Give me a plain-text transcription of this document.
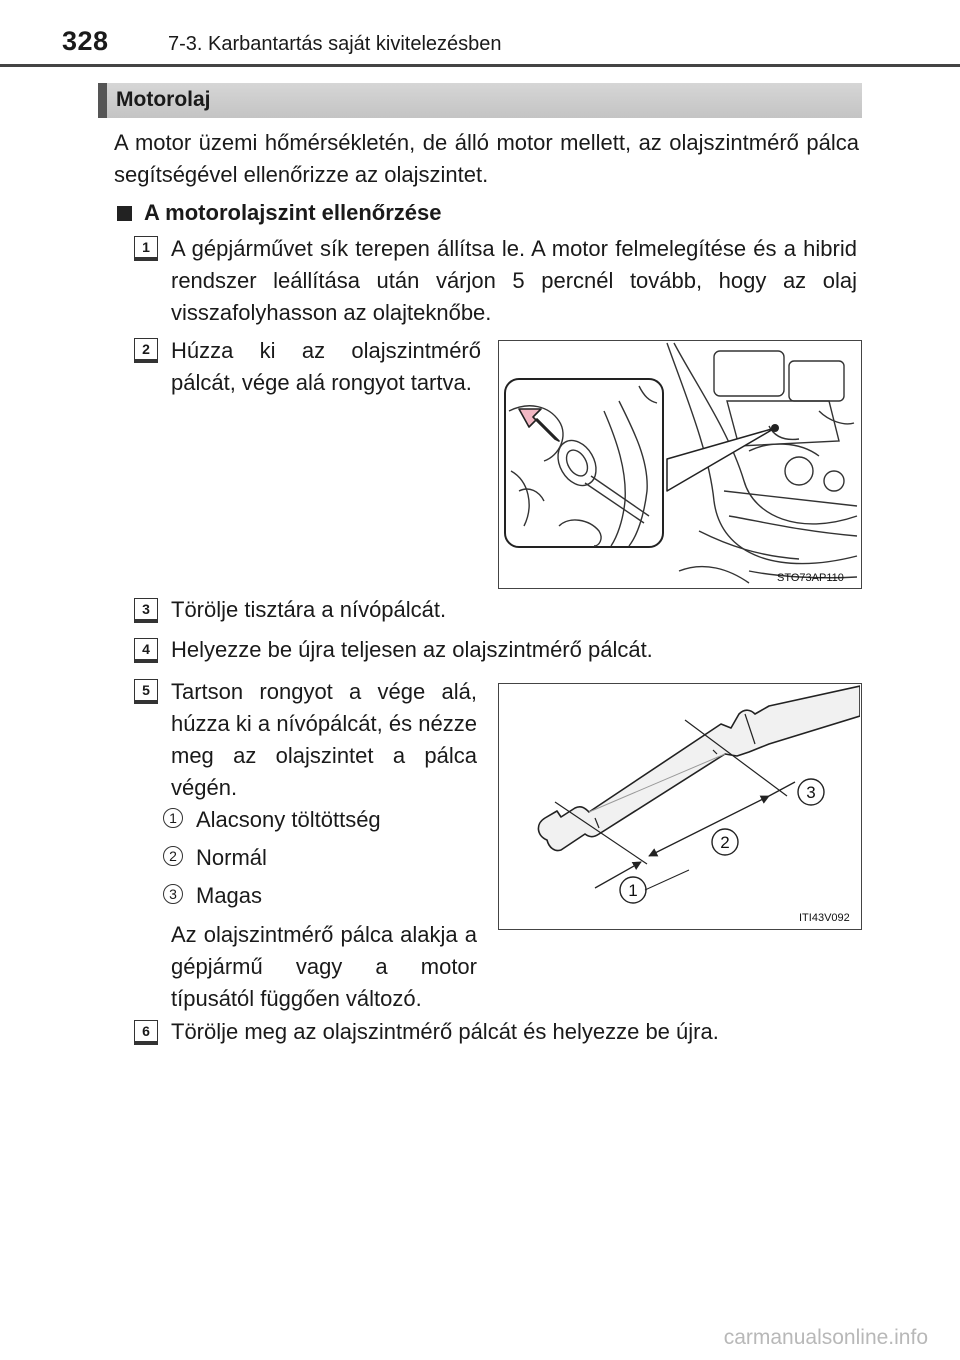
328	7-3. Karbantartás saját kivitelezésben
Motorolaj
A motor üzemi hőmérsékletén, de álló motor mellett, az olajszintmérő pálca segítségével ellenőrizze az olajszintet.
A motorolajszint ellenőrzése
1 A gépjárművet sík terepen állítsa le. A motor felmelegítése és a hibrid rendszer leállítása után várjon 5 percnél tovább, hogy az olaj visszafolyhasson az olajteknőbe.
2 Húzza ki az olajszintmérő pálcát, vége alá rongyot tartva.
STO73AP110
3 Törölje tisztára a nívópálcát.
4 Helyezze be újra teljesen az olajszintmérő pálcát.
5 Tartson rongyot a vége alá, húzza ki a nívópálcát, és nézze meg az olajszintet a pálca végén.
1 Alacsony töltöttség
2 Normál
3 Magas
Az olajszintmérő pálca alakja a gépjármű vagy a motor típusától függően változó.
1
2
3
ITI43V092
6 Törölje meg az olajszintmérő pálcát és helyezze be újra.
carmanualsonline.info
